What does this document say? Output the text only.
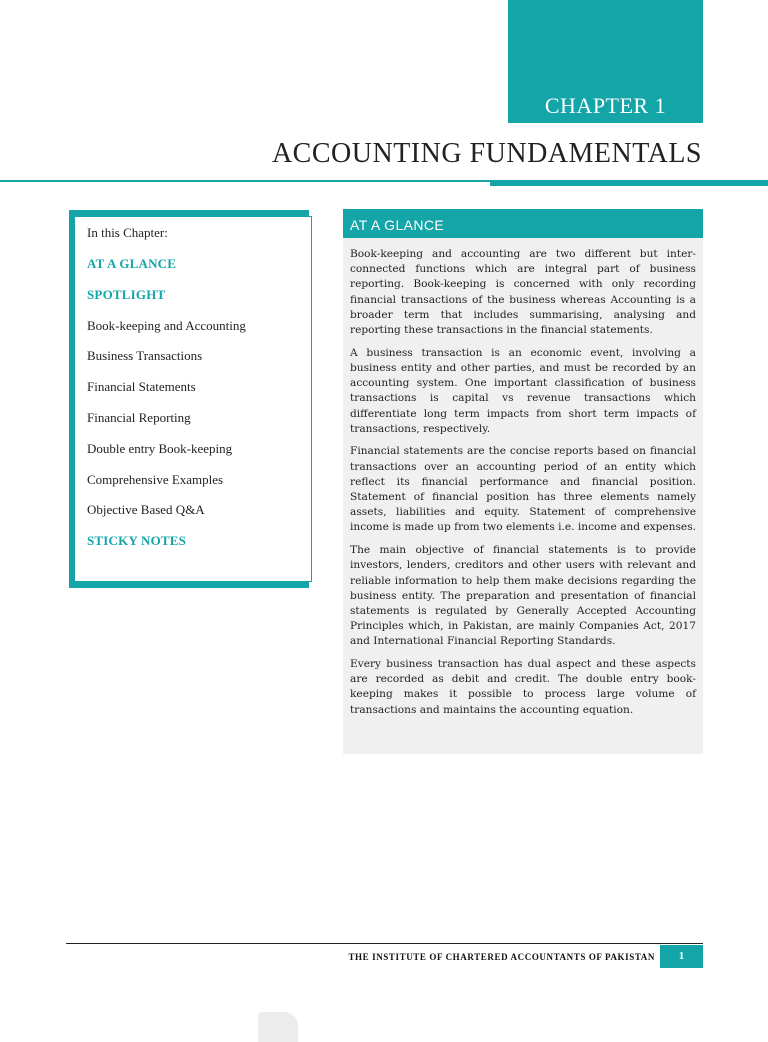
CHAPTER 1
ACCOUNTING FUNDAMENTALS
In this Chapter:
AT A GLANCE
SPOTLIGHT
Book-keeping and Accounting
Business Transactions
Financial Statements
Financial Reporting
Double entry Book-keeping
Comprehensive Examples
Objective Based Q&A
STICKY NOTES
AT A GLANCE

Book-keeping and accounting are two different but inter-connected functions which are integral part of business reporting. Book-keeping is concerned with only recording financial transactions of the business whereas Accounting is a broader term that includes summarising, analysing and reporting these transactions in the financial statements.

A business transaction is an economic event, involving a business entity and other parties, and must be recorded by an accounting system. One important classification of business transactions is capital vs revenue transactions which differentiate long term impacts from short term impacts of transactions, respectively.

Financial statements are the concise reports based on financial transactions over an accounting period of an entity which reflect its financial performance and financial position. Statement of financial position has three elements namely assets, liabilities and equity. Statement of comprehensive income is made up from two elements i.e. income and expenses.

The main objective of financial statements is to provide investors, lenders, creditors and other users with relevant and reliable information to help them make decisions regarding the business entity. The preparation and presentation of financial statements is regulated by Generally Accepted Accounting Principles which, in Pakistan, are mainly Companies Act, 2017 and International Financial Reporting Standards.

Every business transaction has dual aspect and these aspects are recorded as debit and credit. The double entry book-keeping makes it possible to process large volume of transactions and maintains the accounting equation.

THE INSTITUTE OF CHARTERED ACCOUNTANTS OF PAKISTAN	1
